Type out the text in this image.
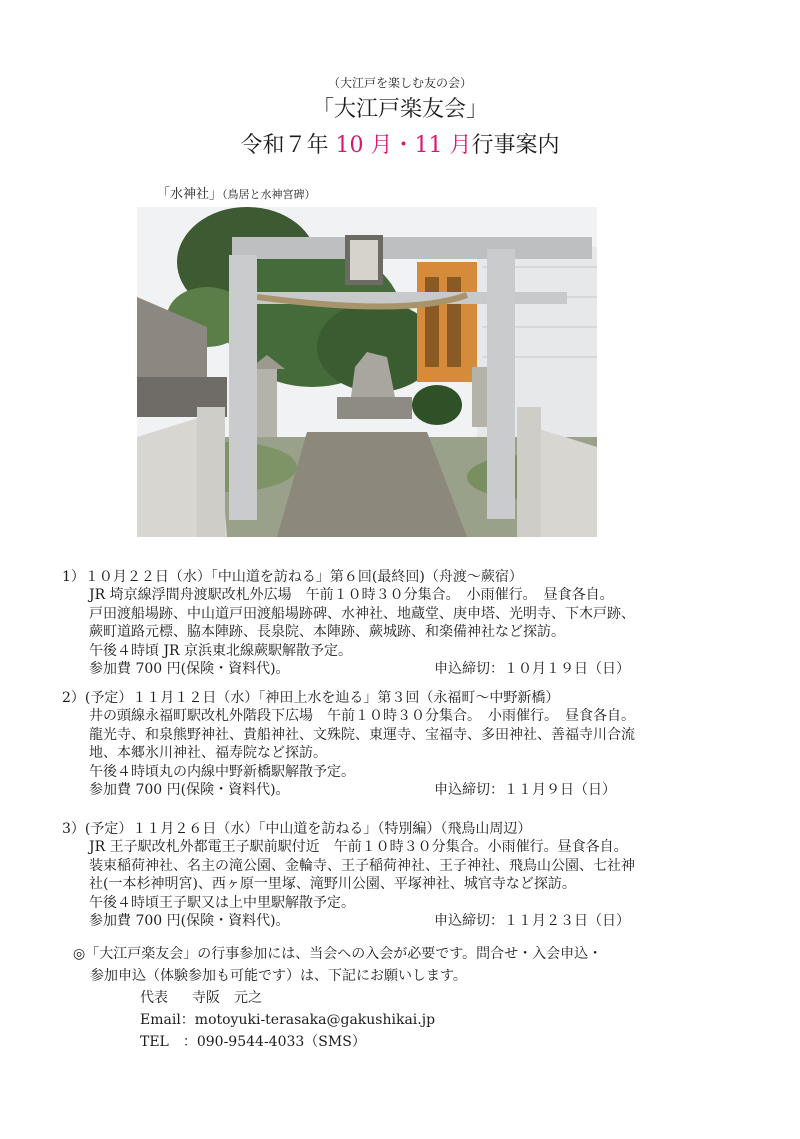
（大江戸を楽しむ友の会）
「大江戸楽友会」
令和７年 10 月・11 月行事案内
「水神社」（鳥居と水神宮碑）
1）１０月２２日（水）「中山道を訪ねる」第６回(最終回)（舟渡〜蕨宿）
JR 埼京線浮間舟渡駅改札外広場　午前１０時３０分集合。　小雨催行。　昼食各自。
戸田渡船場跡、中山道戸田渡船場跡碑、水神社、地蔵堂、庚申塔、光明寺、下木戸跡、
蕨町道路元標、脇本陣跡、長泉院、本陣跡、蕨城跡、和楽備神社など探訪。
午後４時頃 JR 京浜東北線蕨駅解散予定。
参加費 700 円(保険・資料代)。	申込締切：１０月１９日（日）
2）(予定）１１月１２日（水）「神田上水を辿る」第３回（永福町〜中野新橋）
井の頭線永福町駅改札外階段下広場　午前１０時３０分集合。　小雨催行。　昼食各自。
龍光寺、和泉熊野神社、貴船神社、文殊院、東運寺、宝福寺、多田神社、善福寺川合流
地、本郷氷川神社、福寿院など探訪。
午後４時頃丸の内線中野新橋駅解散予定。
参加費 700 円(保険・資料代)。	申込締切：１１月９日（日）
3）(予定）１１月２６日（水）「中山道を訪ねる」（特別編）（飛鳥山周辺）
JR 王子駅改札外都電王子駅前駅付近　午前１０時３０分集合。小雨催行。昼食各自。
装束稲荷神社、名主の滝公園、金輪寺、王子稲荷神社、王子神社、飛鳥山公園、七社神
社(一本杉神明宮)、西ヶ原一里塚、滝野川公園、平塚神社、城官寺など探訪。
午後４時頃王子駅又は上中里駅解散予定。
参加費 700 円(保険・資料代)。	申込締切：１１月２３日（日）
◎「大江戸楽友会」の行事参加には、当会への入会が必要です。問合せ・入会申込・
参加申込（体験参加も可能です）は、下記にお願いします。
代表 寺阪　元之
Email：motoyuki-terasaka@gakushikai.jp
TEL　：090-9544-4033（SMS）
